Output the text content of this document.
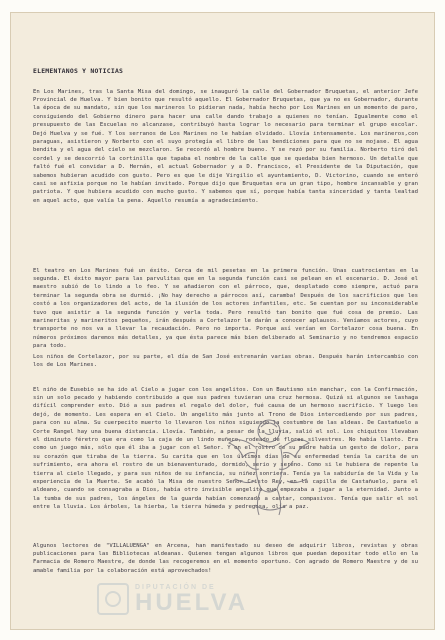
ELEMENTANOS Y NOTICIAS

En Los Marines, tras la Santa Misa del domingo, se inauguró la calle del Gobernador Bruquetas, el anterior Jefe Provincial de Huelva. Y bien bonito que resultó aquello. El Gobernador Bruquetas, que ya no es Gobernador, durante la época de su mandato, sin que los marineros lo pidieran nada, había hecho por Los Marines en un momento de paro, consiguiendo del Gobierno dinero para hacer una calle dando trabajo a quienes no tenían. Igualmente como el presupuesto de las Escuelas no alcanzase, contribuyó hasta lograr lo necesario para terminar el grupo escolar. Dejó Huelva y se fué. Y los serranos de Los Marines no le habían olvidado. Llovía intensamente. Los marineros,con paraguas, asistieron y Norberto con el suyo protegía el libro de las bendiciones para que no se mojase. El agua bendita y el agua del cielo se mezclaron. Se recordó al hombre bueno. Y se rezó por su familia. Norberto tiró del cordel y se descorrió la cortinilla que tapaba el nombre de la calle que se quedaba bien hermoso. Un detalle que faltó fué el convidar a D. Hernán, el actual Gobernador y a D. Francisco, el Presidente de la Diputación, que sabemos hubieran acudido con gusto. Pero es que le dije Virgilio el ayuntamiento, D. Victorino, cuando se enteró casi se asfixia porque no le habían invitado. Porque dijo que Bruquetas era un gran tipo, hombre incansable y gran patriota. Y que hubiera acudido con mucho gusto. Y sabemos que sí, porque había tanta sinceridad y tanta lealtad en aquel acto, que valía la pena. Aquello resumía a agradecimiento.

El teatro en Los Marines fué un éxito. Cerca de mil pesetas en la primera función. Unas cuatrocientas en la segunda. El éxito mayor para las parvulitas que en la segunda función casi se pelean en el escenario. D. José el maestro subió de lo lindo a lo feo. Y se añadieron con el párroco, que, desplatado como siempre, actuó para terminar la segunda obra se durmió. ¡No hay derecho a párrocos así, caramba! Después de los sacrificios que les costó a los organizadores del acto, de la ilusión de los actores infantiles, etc. Se cuentan por su inconsiderable tuvo que asistir a la segunda función y verla toda. Pero resultó tan bonito que fué cosa de premio. Las marineritas y marineritos pequeños, irán después a Cortelazor le darán a conocer aplausos. Veníamos actores, cuyo transporte no nos va a llevar la recaudación. Pero no importa. Porque así verían en Cortelazor cosa buena. En números próximos daremos más detalles, ya que ésta parece más bien deliberado al Seminario y no tendremos espacio para todo.

Los niños de Cortelazor, por su parte, el día de San José estrenarán varias obras. Después harán intercambio con los de Los Marines.

El niño de Eusebio se ha ido al Cielo a jugar con los angelitos. Con un Bautismo sin manchar, con la Confirmación, sin un solo pecado y habiendo contribuido a que sus padres tuvieran una cruz hermosa. Quizá si algunos se lashaga difícil comprender esto. Dió a sus padres el regalo del dolor, fué causa de un hermoso sacrificio. Y luego les dejó, de momento. Les espera en el Cielo. Un angelito más junto al Trono de Dios intercediendo por sus padres, para con su alma. Su cuerpecito muerto lo llevaron los niños siguiendo la costumbre de las aldeas. De Castañuelo a Corte Rangel hay una buena distancia. Llovía. También, a pesar de la lluvia, salió el sol. Los chiquitos llevaban el diminuto féretro que era como la caja de un lindo muñeco, rodeado de flores silvestres. No había llanto. Era como un juego más, sólo que él iba a jugar con el Señor. Y en el rostro de su madre había un gesto de dolor, para su corazón que tiraba de la tierra. Su carita que en los últimos días de su enfermedad tenía la carita de un sufrimiento, era ahora el rostro de un bienaventurado, dormido, serio y sereno. Como si le hubiera de repente la tierra al cielo llegado, y para sus niños de su infancia, su niñez sonriera. Tenía ya la sabiduría de la Vida y la experiencia de la Muerte. Se acabó la Misa de nuestro Señor Cristo Rey, en la capilla de Castañuelo, para el aldeano, cuando se consagraba a Dios, había otro invisible angelito que empezaba a jugar a la eternidad. Junto a la tumba de sus padres, los ángeles de la guarda habían comenzado a cantar, compasivos. Tenía que salir el sol entre la lluvia. Los árboles, la hierba, la tierra húmeda y pedregosa, olía a paz.

Algunos lectores de "VILLALUENGA" en Arcena, han manifestado su deseo de adquirir libros, revistas y obras publicaciones para las Bibliotecas aldeanas. Quienes tengan algunos libros que puedan depositar todo ello en la Farmacia de Romero Maestre, de donde las recogeremos en el momento oportuno. Con agrado de Romero Maestre y de su amable familia por la colaboración está aprovechados!

DIPUTACIÓN DE
HUELVA
